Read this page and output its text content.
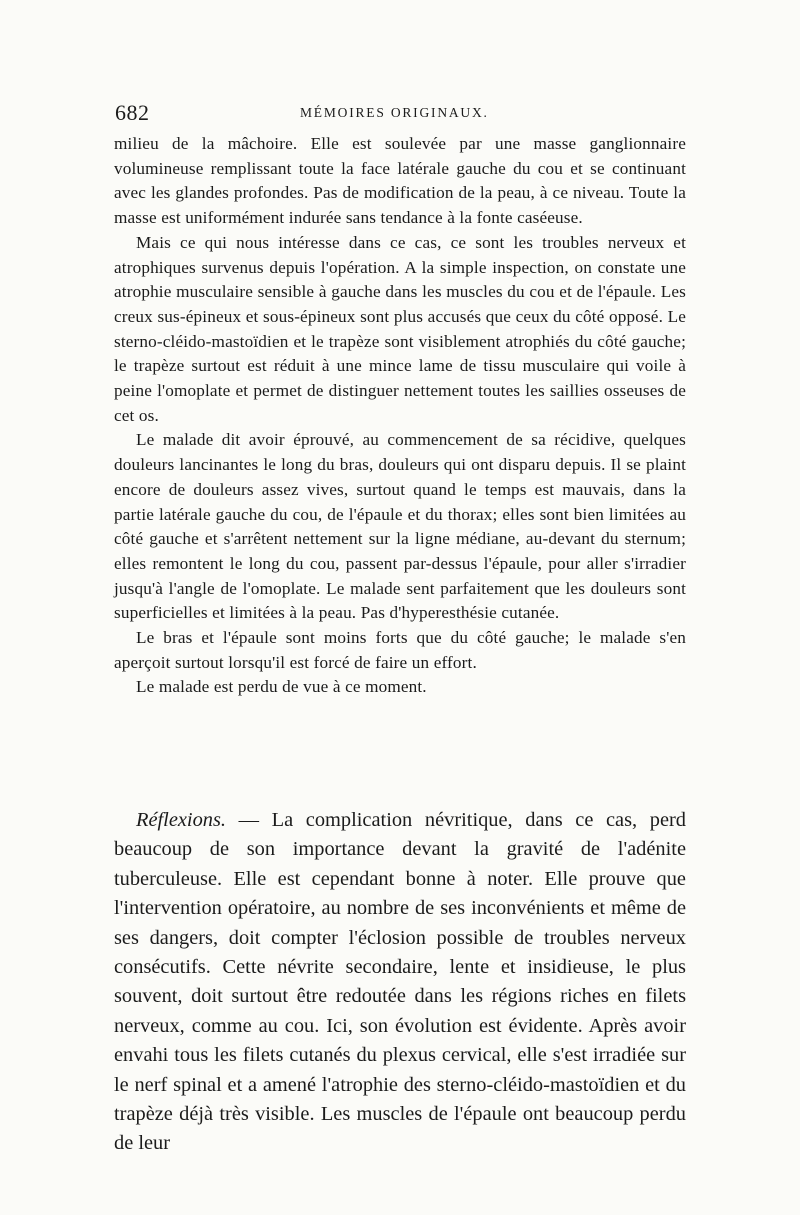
682	MÉMOIRES ORIGINAUX.

milieu de la mâchoire. Elle est soulevée par une masse ganglionnaire volumineuse remplissant toute la face latérale gauche du cou et se continuant avec les glandes profondes. Pas de modification de la peau, à ce niveau. Toute la masse est uniformément indurée sans tendance à la fonte caséeuse.

Mais ce qui nous intéresse dans ce cas, ce sont les troubles nerveux et atrophiques survenus depuis l'opération. A la simple inspection, on constate une atrophie musculaire sensible à gauche dans les muscles du cou et de l'épaule. Les creux sus-épineux et sous-épineux sont plus accusés que ceux du côté opposé. Le sterno-cléido-mastoïdien et le trapèze sont visiblement atrophiés du côté gauche; le trapèze surtout est réduit à une mince lame de tissu musculaire qui voile à peine l'omoplate et permet de distinguer nettement toutes les saillies osseuses de cet os.

Le malade dit avoir éprouvé, au commencement de sa récidive, quelques douleurs lancinantes le long du bras, douleurs qui ont disparu depuis. Il se plaint encore de douleurs assez vives, surtout quand le temps est mauvais, dans la partie latérale gauche du cou, de l'épaule et du thorax; elles sont bien limitées au côté gauche et s'arrêtent nettement sur la ligne médiane, au-devant du sternum; elles remontent le long du cou, passent par-dessus l'épaule, pour aller s'irradier jusqu'à l'angle de l'omoplate. Le malade sent parfaitement que les douleurs sont superficielles et limitées à la peau. Pas d'hyperesthésie cutanée.

Le bras et l'épaule sont moins forts que du côté gauche; le malade s'en aperçoit surtout lorsqu'il est forcé de faire un effort.

Le malade est perdu de vue à ce moment.

Réflexions. — La complication névritique, dans ce cas, perd beaucoup de son importance devant la gravité de l'adénite tuberculeuse. Elle est cependant bonne à noter. Elle prouve que l'intervention opératoire, au nombre de ses inconvénients et même de ses dangers, doit compter l'éclosion possible de troubles nerveux consécutifs. Cette névrite secondaire, lente et insidieuse, le plus souvent, doit surtout être redoutée dans les régions riches en filets nerveux, comme au cou. Ici, son évolution est évidente. Après avoir envahi tous les filets cutanés du plexus cervical, elle s'est irradiée sur le nerf spinal et a amené l'atrophie des sterno-cléido-mastoïdien et du trapèze déjà très visible. Les muscles de l'épaule ont beaucoup perdu de leur
